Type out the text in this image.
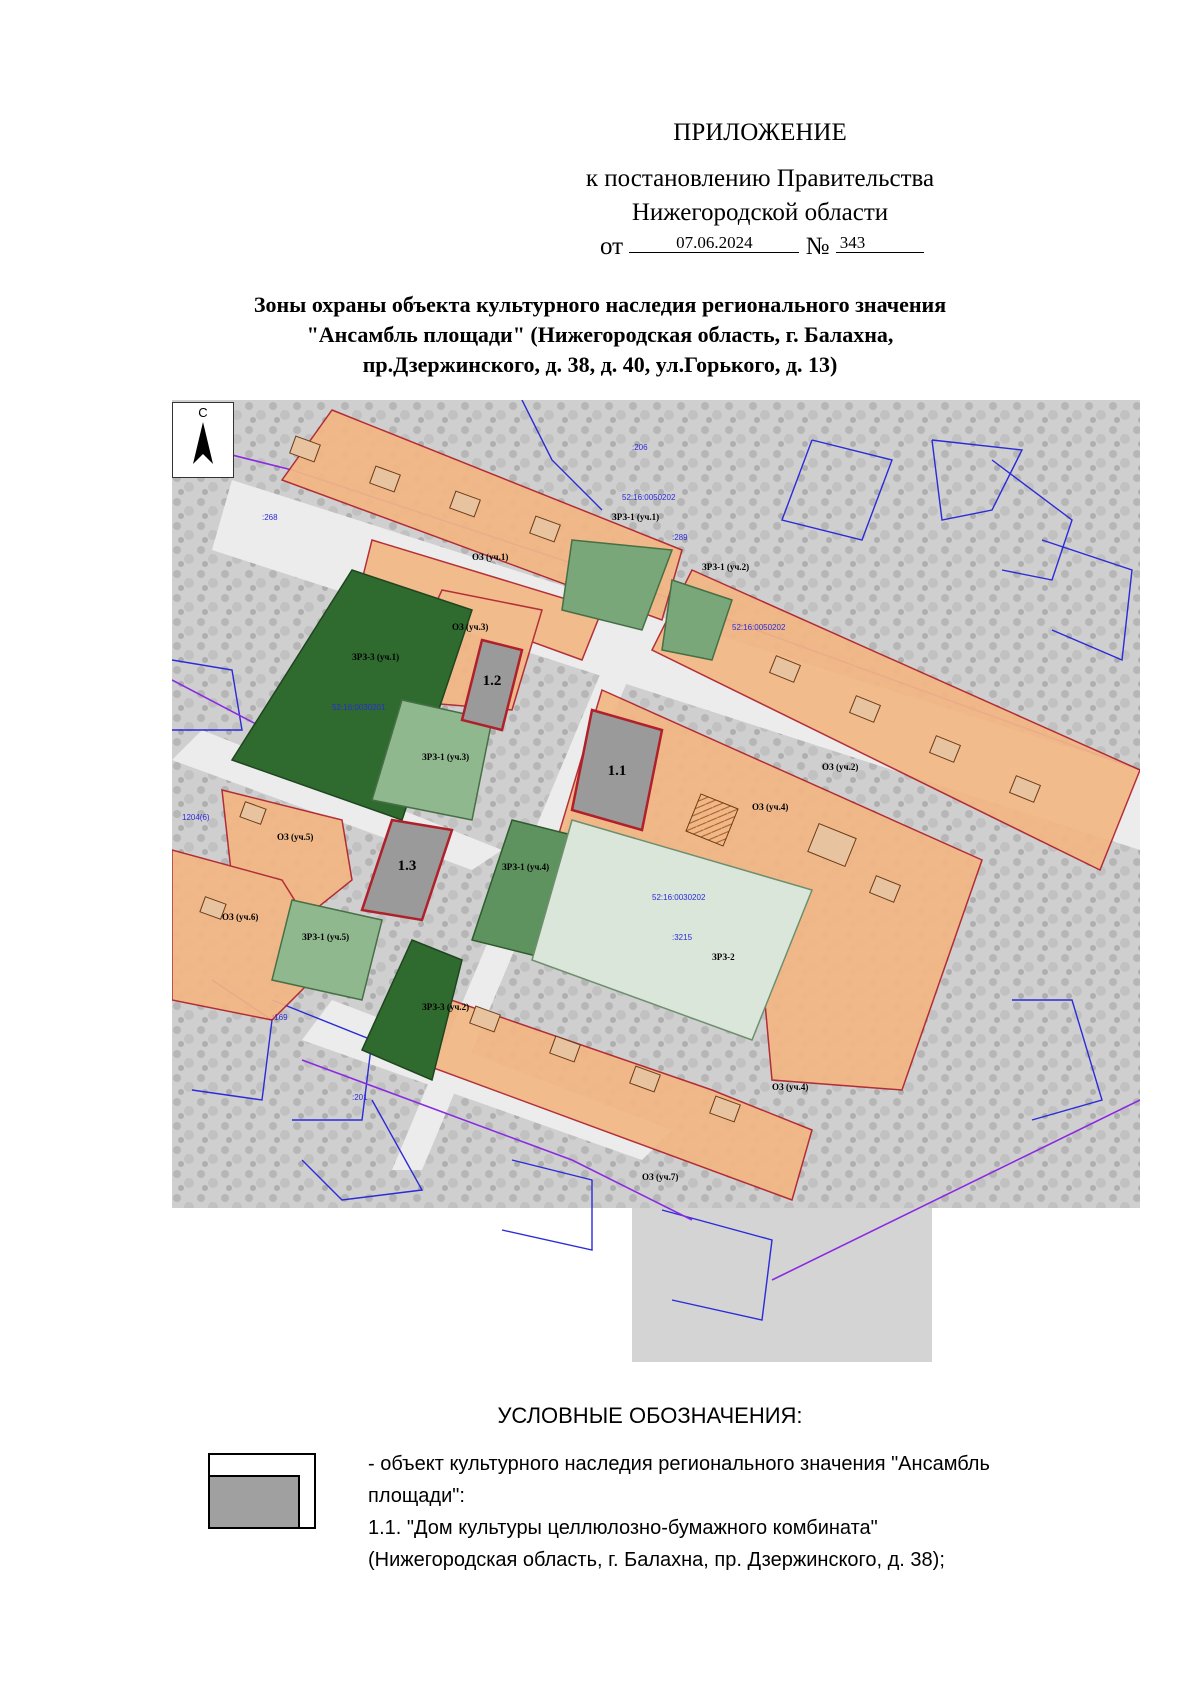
ПРИЛОЖЕНИЕ
к постановлению Правительства
Нижегородской области
от	07.06.2024 № 343
Зоны охраны объекта культурного наследия регионального значения
"Ансамбль площади" (Нижегородская область, г. Балахна,
пр.Дзержинского, д. 38, д. 40, ул.Горького, д. 13)
ОЗ (уч.1)
ОЗ (уч.2)
ОЗ (уч.3)
ОЗ (уч.4)
ОЗ (уч.4)
ОЗ (уч.5)
ОЗ (уч.6)
ОЗ (уч.7)
ЗРЗ-1 (уч.1)
ЗРЗ-1 (уч.2)
ЗРЗ-1 (уч.3)
ЗРЗ-1 (уч.4)
ЗРЗ-1 (уч.5)
ЗРЗ-2
ЗРЗ-3 (уч.1)
ЗРЗ-3 (уч.2)
1.1
1.2
1.3
52:16:0030201
52:16:0030202
52:16:0050202
52:16:0050202
:3215
:169
:201
:268
:206
:289
1204(6)
С
УСЛОВНЫЕ ОБОЗНАЧЕНИЯ:

- объект культурного наследия регионального значения "Ансамбль

площади":

1.1. "Дом культуры целлюлозно-бумажного комбината"

(Нижегородская область, г. Балахна, пр. Дзержинского, д. 38);
